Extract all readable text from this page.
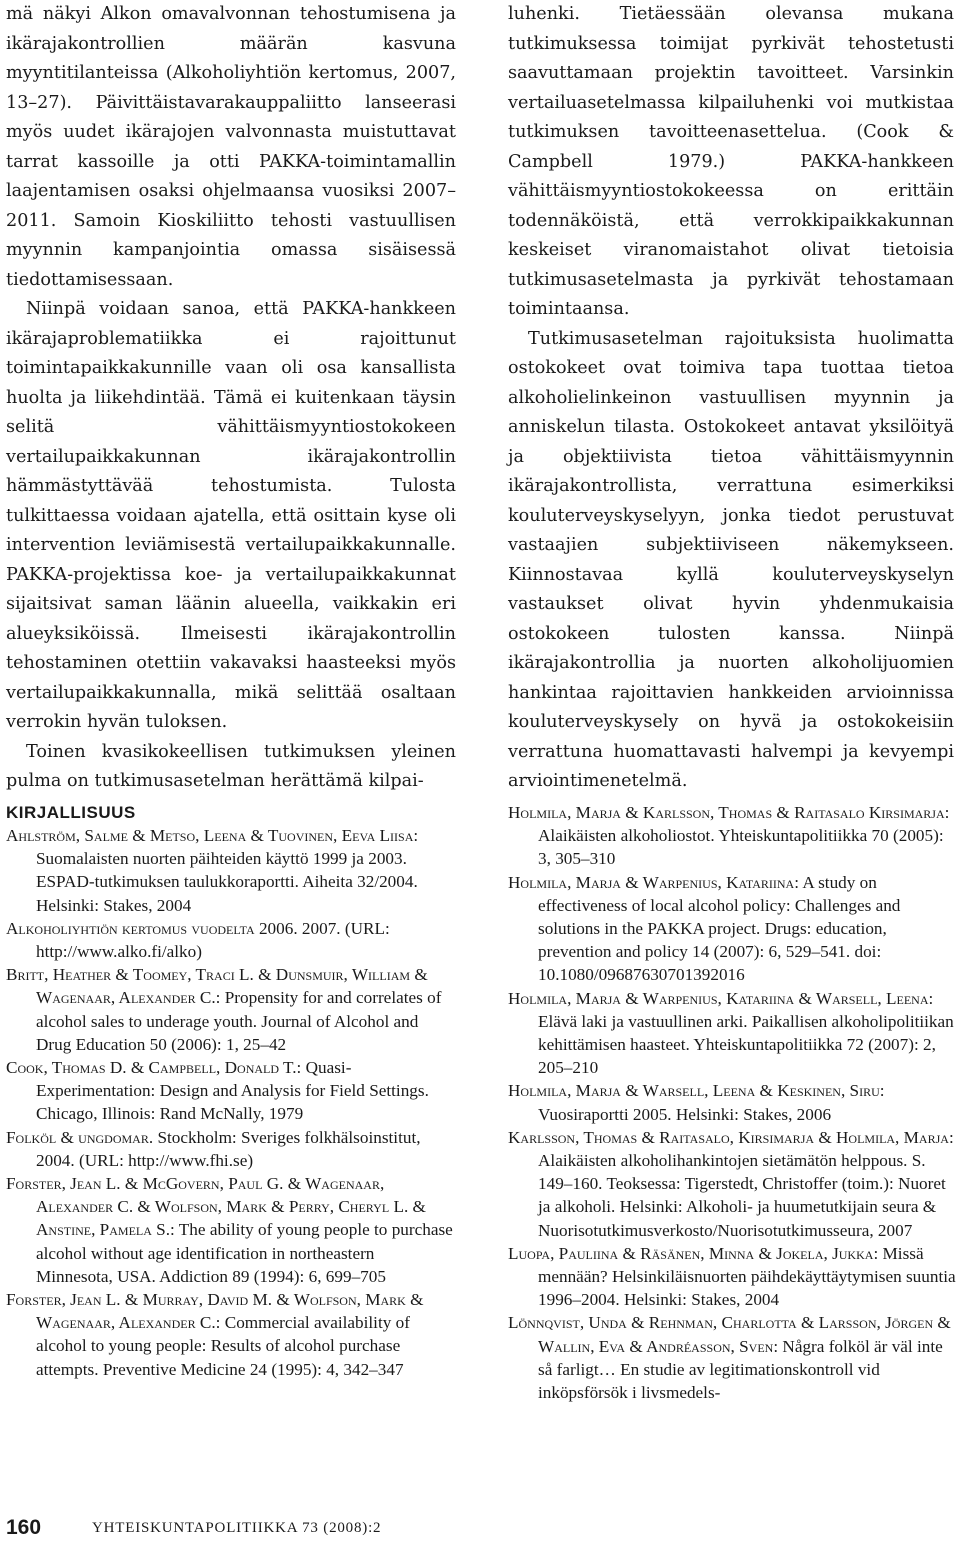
mä näkyi Alkon omavalvonnan tehostumisena ja ikärajakontrollien määrän kasvuna myyntitilanteissa (Alkoholiyhtiön kertomus, 2007, 13–27). Päivittäistavarakauppaliitto lanseerasi myös uudet ikärajojen valvonnasta muistuttavat tarrat kassoille ja otti PAKKA-toimintamallin laajentamisen osaksi ohjelmaansa vuosiksi 2007–2011. Samoin Kioskiliitto tehosti vastuullisen myynnin kampanjointia omassa sisäisessä tiedottamisessaan.

Niinpä voidaan sanoa, että PAKKA-hankkeen ikärajaproblematiikka ei rajoittunut toimintapaikkakunnille vaan oli osa kansallista huolta ja liikehdintää. Tämä ei kuitenkaan täysin selitä vähittäismyyntiostokokeen vertailupaikkakunnan ikärajakontrollin hämmästyttävää tehostumista. Tulosta tulkittaessa voidaan ajatella, että osittain kyse oli intervention leviämisestä vertailupaikkakunnalle. PAKKA-projektissa koe- ja vertailupaikkakunnat sijaitsivat saman läänin alueella, vaikkakin eri alueyksiköissä. Ilmeisesti ikärajakontrollin tehostaminen otettiin vakavaksi haasteeksi myös vertailupaikkakunnalla, mikä selittää osaltaan verrokin hyvän tuloksen.

Toinen kvasikokeellisen tutkimuksen yleinen pulma on tutkimusasetelman herättämä kilpai-

luhenki. Tietäessään olevansa mukana tutkimuksessa toimijat pyrkivät tehostetusti saavuttamaan projektin tavoitteet. Varsinkin vertailuasetelmassa kilpailuhenki voi mutkistaa tutkimuksen tavoitteenasettelua. (Cook & Campbell 1979.) PAKKA-hankkeen vähittäismyyntiostokokeessa on erittäin todennäköistä, että verrokkipaikkakunnan keskeiset viranomaistahot olivat tietoisia tutkimusasetelmasta ja pyrkivät tehostamaan toimintaansa.

Tutkimusasetelman rajoituksista huolimatta ostokokeet ovat toimiva tapa tuottaa tietoa alkoholielinkeinon vastuullisen myynnin ja anniskelun tilasta. Ostokokeet antavat yksilöityä ja objektiivista tietoa vähittäismyynnin ikärajakontrollista, verrattuna esimerkiksi kouluterveyskyselyyn, jonka tiedot perustuvat vastaajien subjektiiviseen näkemykseen. Kiinnostavaa kyllä kouluterveyskyselyn vastaukset olivat hyvin yhdenmukaisia ostokokeen tulosten kanssa. Niinpä ikärajakontrollia ja nuorten alkoholijuomien hankintaa rajoittavien hankkeiden arvioinnissa kouluterveyskysely on hyvä ja ostokokeisiin verrattuna huomattavasti halvempi ja kevyempi arviointimenetelmä.

KIRJALLISUUS

Ahlström, Salme & Metso, Leena & Tuovinen, Eeva Liisa: Suomalaisten nuorten päihteiden käyttö 1999 ja 2003. ESPAD-tutkimuksen taulukkoraportti. Aiheita 32/2004. Helsinki: Stakes, 2004

Alkoholiyhtiön kertomus vuodelta 2006. 2007. (URL: http://www.alko.fi/alko)

Britt, Heather & Toomey, Traci L. & Dunsmuir, William & Wagenaar, Alexander C.: Propensity for and correlates of alcohol sales to underage youth. Journal of Alcohol and Drug Education 50 (2006): 1, 25–42

Cook, Thomas D. & Campbell, Donald T.: Quasi-Experimentation: Design and Analysis for Field Settings. Chicago, Illinois: Rand McNally, 1979

Folköl & ungdomar. Stockholm: Sveriges folkhälsoinstitut, 2004. (URL: http://www.fhi.se)

Forster, Jean L. & McGovern, Paul G. & Wagenaar, Alexander C. & Wolfson, Mark & Perry, Cheryl L. & Anstine, Pamela S.: The ability of young people to purchase alcohol without age identification in northeastern Minnesota, USA. Addiction 89 (1994): 6, 699–705

Forster, Jean L. & Murray, David M. & Wolfson, Mark & Wagenaar, Alexander C.: Commercial availability of alcohol to young people: Results of alcohol purchase attempts. Preventive Medicine 24 (1995): 4, 342–347

Holmila, Marja & Karlsson, Thomas & Raitasalo Kirsimarja: Alaikäisten alkoholiostot. Yhteiskuntapolitiikka 70 (2005): 3, 305–310

Holmila, Marja & Warpenius, Katariina: A study on effectiveness of local alcohol policy: Challenges and solutions in the PAKKA project. Drugs: education, prevention and policy 14 (2007): 6, 529–541. doi: 10.1080/09687630701392016

Holmila, Marja & Warpenius, Katariina & Warsell, Leena: Elävä laki ja vastuullinen arki. Paikallisen alkoholipolitiikan kehittämisen haasteet. Yhteiskuntapolitiikka 72 (2007): 2, 205–210

Holmila, Marja & Warsell, Leena & Keskinen, Siru: Vuosiraportti 2005. Helsinki: Stakes, 2006

Karlsson, Thomas & Raitasalo, Kirsimarja & Holmila, Marja: Alaikäisten alkoholihankintojen sietämätön helppous. S. 149–160. Teoksessa: Tigerstedt, Christoffer (toim.): Nuoret ja alkoholi. Helsinki: Alkoholi- ja huumetutkijain seura & Nuorisotutkimusverkosto/Nuorisotutkimusseura, 2007

Luopa, Pauliina & Räsänen, Minna & Jokela, Jukka: Missä mennään? Helsinkiläisnuorten päihdekäyttäytymisen suuntia 1996–2004. Helsinki: Stakes, 2004

Lönnqvist, Unda & Rehnman, Charlotta & Larsson, Jörgen & Wallin, Eva & Andréasson, Sven: Några folköl är väl inte så farligt… En studie av legitimationskontroll vid inköpsförsök i livsmedels-

160	YHTEISKUNTAPOLITIIKKA 73 (2008):2
